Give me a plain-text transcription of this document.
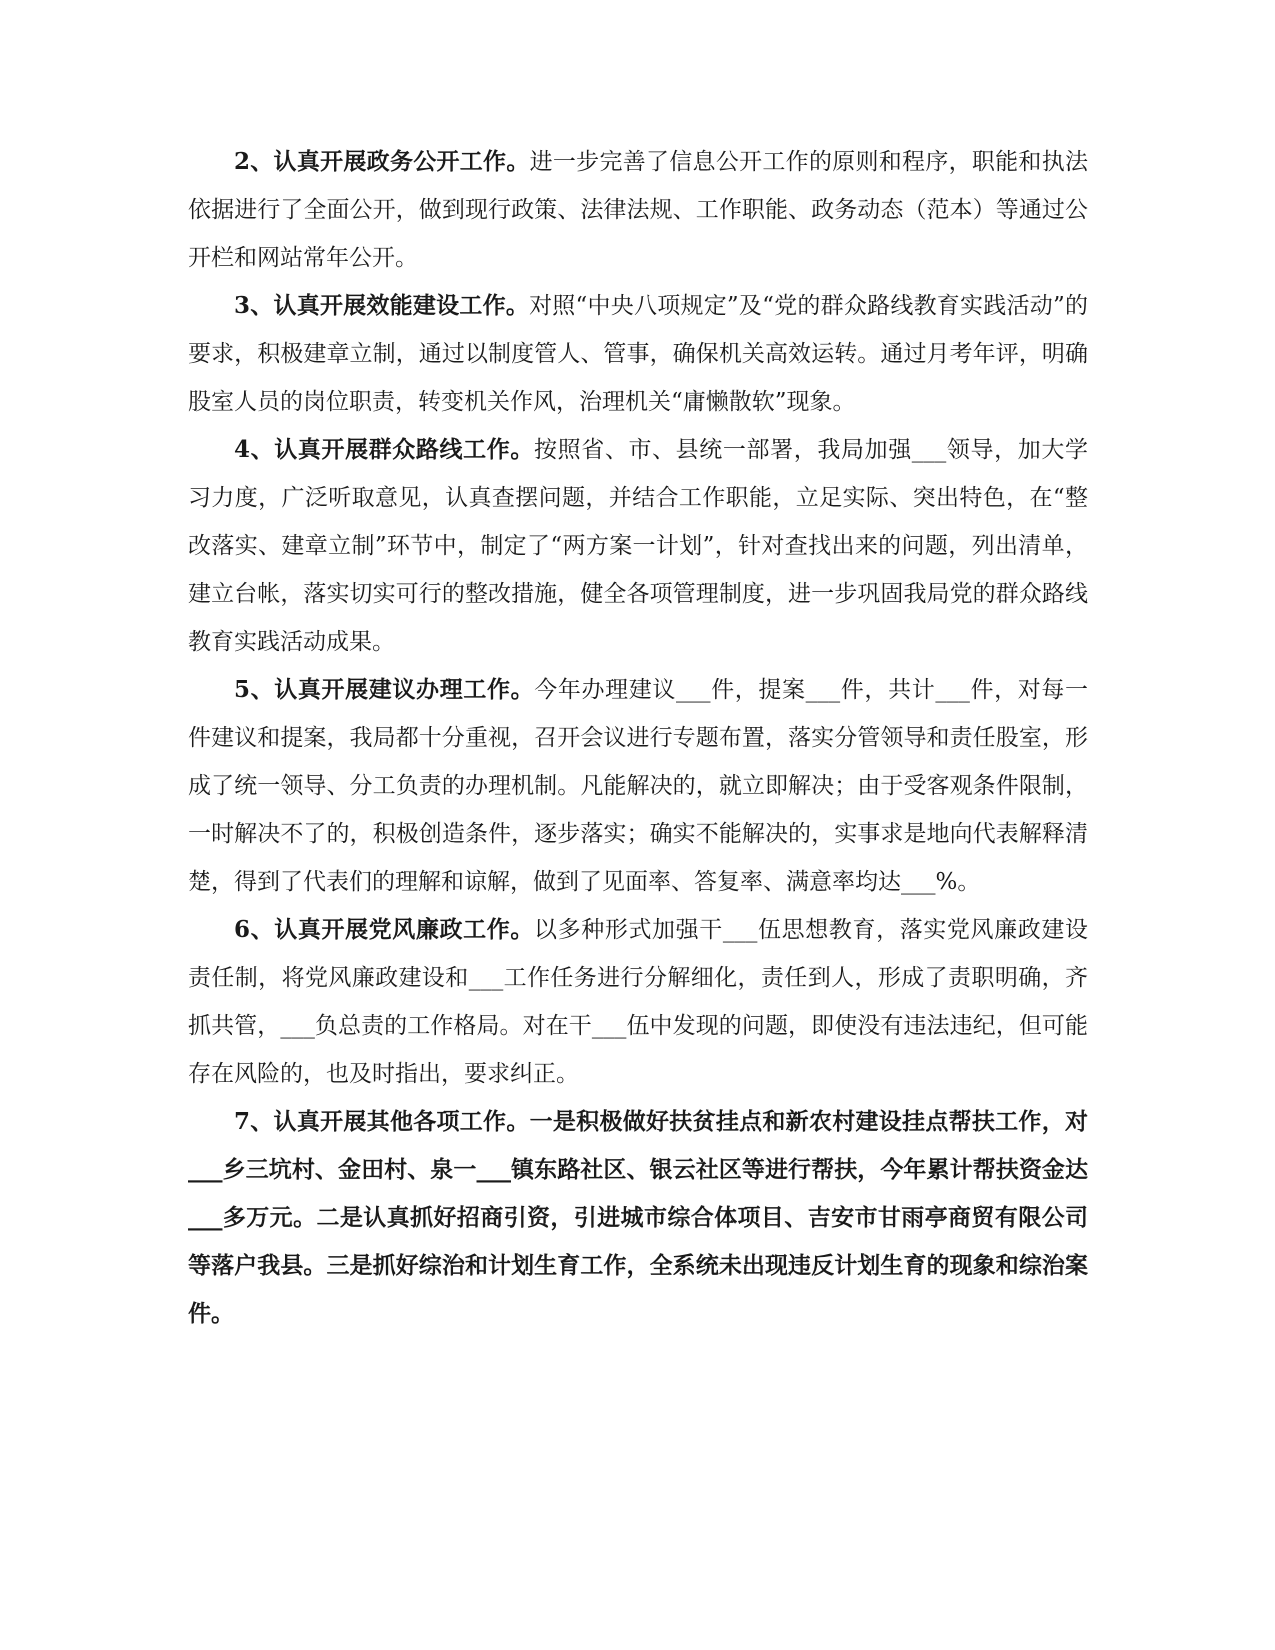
2、认真开展政务公开工作。进一步完善了信息公开工作的原则和程序，职能和执法依据进行了全面公开，做到现行政策、法律法规、工作职能、政务动态（范本）等通过公开栏和网站常年公开。

3、认真开展效能建设工作。对照“中央八项规定”及“党的群众路线教育实践活动”的要求，积极建章立制，通过以制度管人、管事，确保机关高效运转。通过月考年评，明确股室人员的岗位职责，转变机关作风，治理机关“庸懒散软”现象。

4、认真开展群众路线工作。按照省、市、县统一部署，我局加强___领导，加大学习力度，广泛听取意见，认真查摆问题，并结合工作职能，立足实际、突出特色，在“整改落实、建章立制”环节中，制定了“两方案一计划”，针对查找出来的问题，列出清单，建立台帐，落实切实可行的整改措施，健全各项管理制度，进一步巩固我局党的群众路线教育实践活动成果。

5、认真开展建议办理工作。今年办理建议___件，提案___件，共计___件，对每一件建议和提案，我局都十分重视，召开会议进行专题布置，落实分管领导和责任股室，形成了统一领导、分工负责的办理机制。凡能解决的，就立即解决；由于受客观条件限制，一时解决不了的，积极创造条件，逐步落实；确实不能解决的，实事求是地向代表解释清楚，得到了代表们的理解和谅解，做到了见面率、答复率、满意率均达___%。

6、认真开展党风廉政工作。以多种形式加强干___伍思想教育，落实党风廉政建设责任制，将党风廉政建设和___工作任务进行分解细化，责任到人，形成了责职明确，齐抓共管，___负总责的工作格局。对在干___伍中发现的问题，即使没有违法违纪，但可能存在风险的，也及时指出，要求纠正。

7、认真开展其他各项工作。一是积极做好扶贫挂点和新农村建设挂点帮扶工作，对___乡三坑村、金田村、泉一___镇东路社区、银云社区等进行帮扶，今年累计帮扶资金达___多万元。二是认真抓好招商引资，引进城市综合体项目、吉安市甘雨亭商贸有限公司等落户我县。三是抓好综治和计划生育工作，全系统未出现违反计划生育的现象和综治案件。
